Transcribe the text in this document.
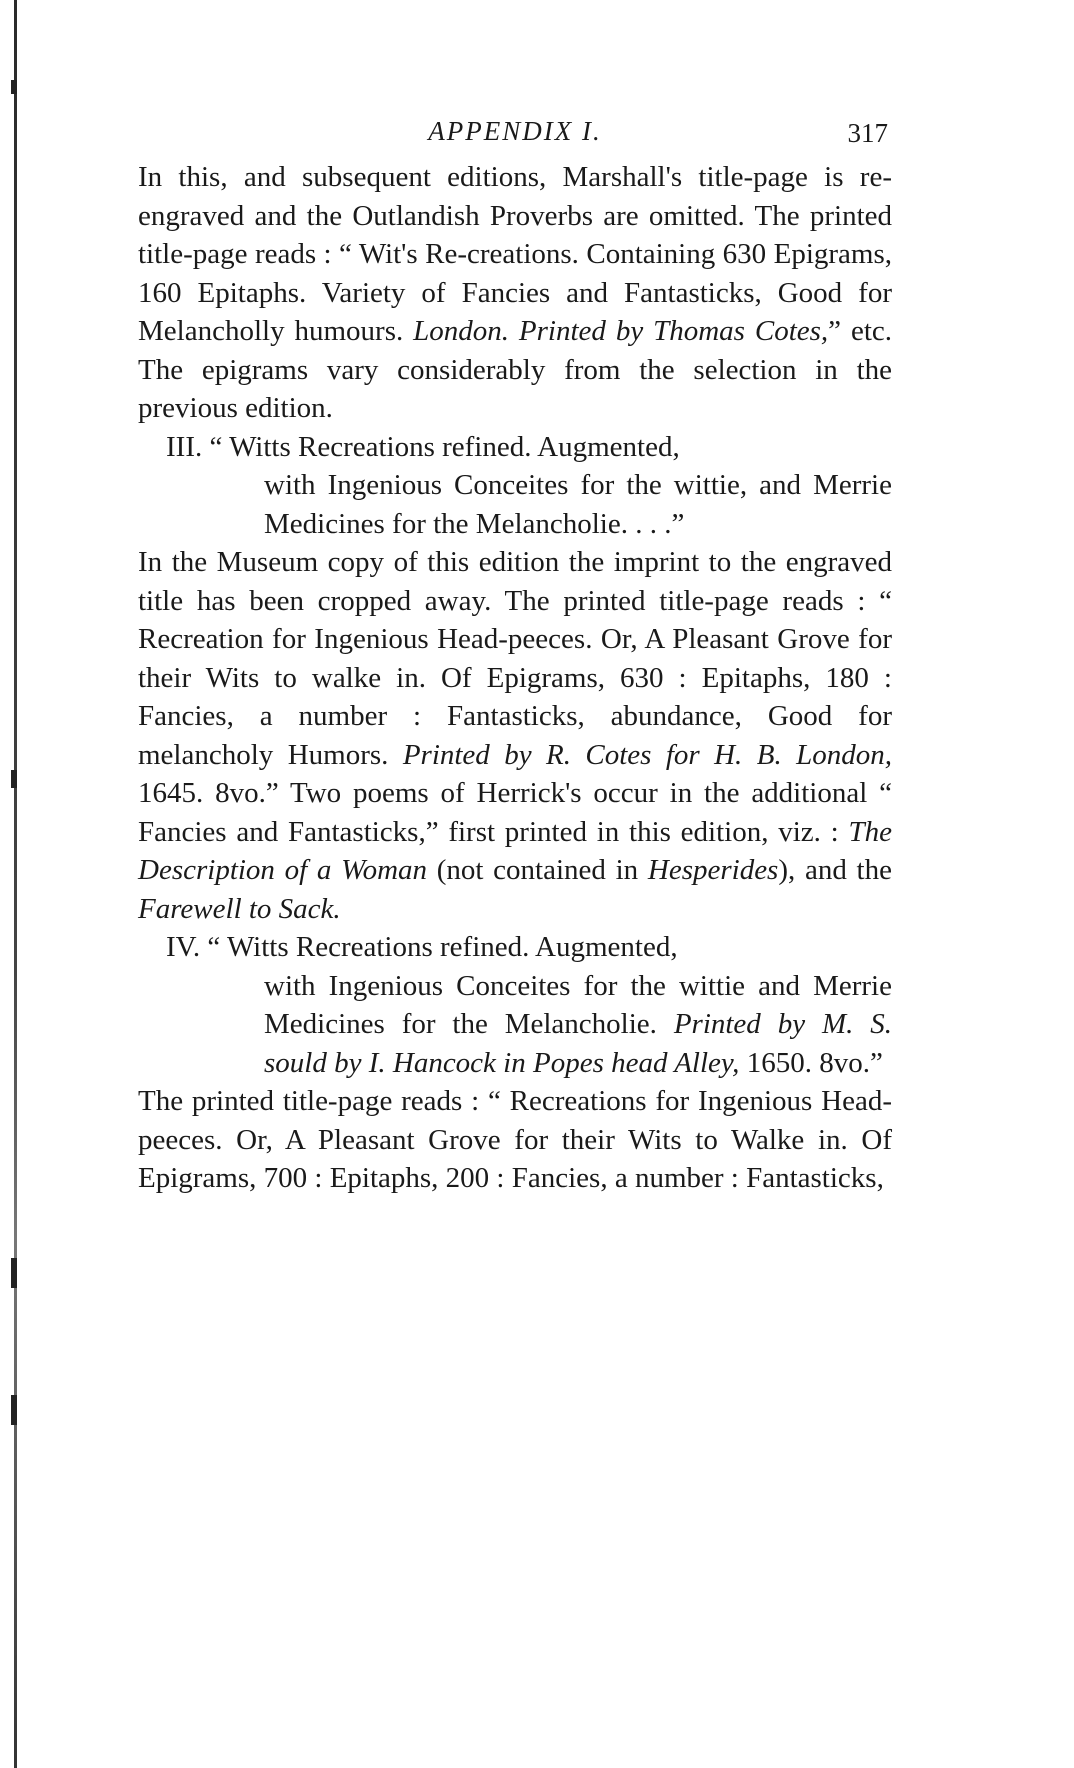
APPENDIX I.	317

In this, and subsequent editions, Marshall's title-page is re-engraved and the Outlandish Proverbs are omitted. The printed title-page reads : “ Wit's Re-creations. Containing 630 Epigrams, 160 Epitaphs. Variety of Fancies and Fantasticks, Good for Melancholly humours. London. Printed by Thomas Cotes,” etc. The epigrams vary considerably from the selection in the previous edition.

III. “ Witts Recreations refined. Augmented,

with Ingenious Conceites for the wittie, and Merrie Medicines for the Melancholie. . . .”

In the Museum copy of this edition the imprint to the engraved title has been cropped away. The printed title-page reads : “ Recreation for Ingenious Head-peeces. Or, A Pleasant Grove for their Wits to walke in. Of Epigrams, 630 : Epitaphs, 180 : Fancies, a number : Fantasticks, abundance, Good for melancholy Humors. Printed by R. Cotes for H. B. London, 1645. 8vo.” Two poems of Herrick's occur in the additional “ Fancies and Fantasticks,” first printed in this edition, viz. : The Description of a Woman (not contained in Hesperides), and the Farewell to Sack.

IV. “ Witts Recreations refined. Augmented,

with Ingenious Conceites for the wittie and Merrie Medicines for the Melancholie. Printed by M. S. sould by I. Hancock in Popes head Alley, 1650. 8vo.”

The printed title-page reads : “ Recreations for Ingenious Head-peeces. Or, A Pleasant Grove for their Wits to Walke in. Of Epigrams, 700 : Epitaphs, 200 : Fancies, a number : Fantasticks,
